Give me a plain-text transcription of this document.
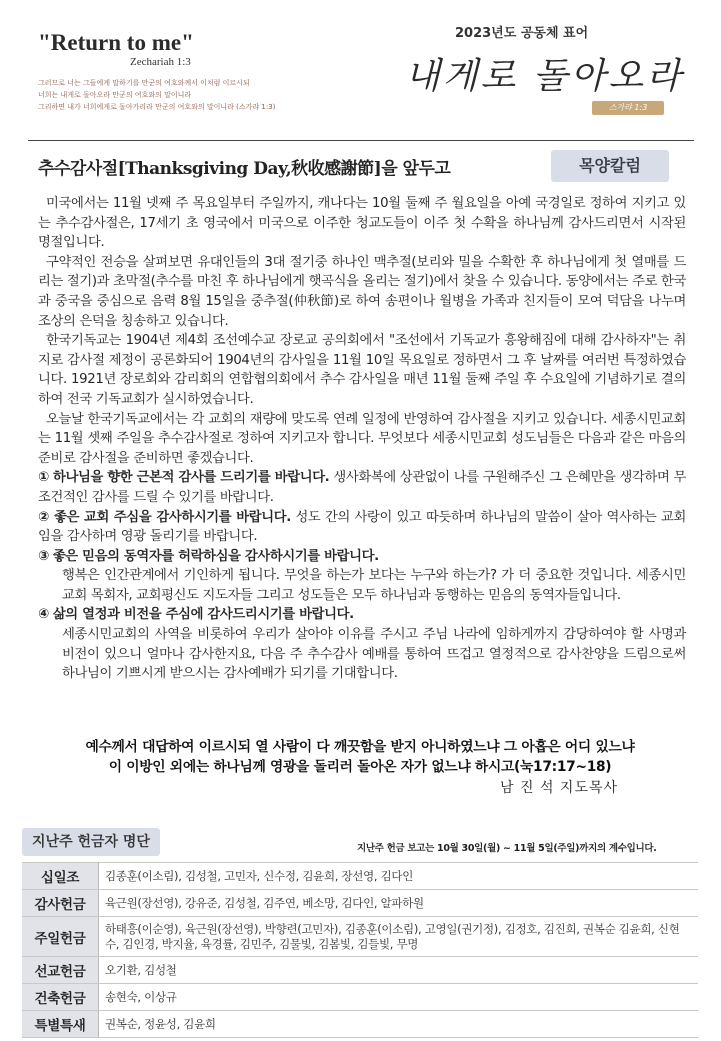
"Return to me"
Zechariah 1:3
그러므로 너는 그들에게 말하기를 만군의 여호와께서 이처럼 이르시되
너희는 내게로 돌아오라 만군의 여호와의 말이니라
그리하면 내가 너희에게로 돌아가리라 만군의 여호와의 말이니라 (스가랴 1:3)
2023년도 공동체 표어
내게로 돌아오라
스가랴 1:3
추수감사절[Thanksgiving Day,秋收感謝節]을 앞두고	목양칼럼

미국에서는 11월 넷째 주 목요일부터 주일까지, 캐나다는 10월 둘째 주 월요일을 아예 국경일로 정하여 지키고 있는 추수감사절은, 17세기 초 영국에서 미국으로 이주한 청교도들이 이주 첫 수확을 하나님께 감사드리면서 시작된 명절입니다.

구약적인 전승을 살펴보면 유대인들의 3대 절기중 하나인 맥추절(보리와 밀을 수확한 후 하나님에게 첫 열매를 드리는 절기)과 초막절(추수를 마친 후 하나님에게 햇곡식을 올리는 절기)에서 찾을 수 있습니다. 동양에서는 주로 한국과 중국을 중심으로 음력 8월 15일을 중추절(仲秋節)로 하여 송편이나 월병을 가족과 친지들이 모여 덕담을 나누며 조상의 은덕을 칭송하고 있습니다.

한국기독교는 1904년 제4회 조선예수교 장로교 공의회에서 "조선에서 기독교가 흥왕해짐에 대해 감사하자"는 취지로 감사절 제정이 공론화되어 1904년의 감사일을 11월 10일 목요일로 정하면서 그 후 날짜를 여러번 특정하였습니다. 1921년 장로회와 감리회의 연합협의회에서 추수 감사일을 매년 11월 둘째 주일 후 수요일에 기념하기로 결의하여 전국 기독교회가 실시하였습니다.

오늘날 한국기독교에서는 각 교회의 재량에 맞도록 연례 일정에 반영하여 감사절을 지키고 있습니다. 세종시민교회는 11월 셋째 주일을 추수감사절로 정하여 지키고자 합니다. 무엇보다 세종시민교회 성도님들은 다음과 같은 마음의 준비로 감사절을 준비하면 좋겠습니다.

① 하나님을 향한 근본적 감사를 드리기를 바랍니다. 생사화복에 상관없이 나를 구원해주신 그 은혜만을 생각하며 무조건적인 감사를 드릴 수 있기를 바랍니다.

② 좋은 교회 주심을 감사하시기를 바랍니다. 성도 간의 사랑이 있고 따듯하며 하나님의 말씀이 살아 역사하는 교회임을 감사하며 영광 돌리기를 바랍니다.

③ 좋은 믿음의 동역자를 허락하심을 감사하시기를 바랍니다.

행복은 인간관계에서 기인하게 됩니다. 무엇을 하는가 보다는 누구와 하는가? 가 더 중요한 것입니다. 세종시민교회 목회자, 교회평신도 지도자들 그리고 성도들은 모두 하나님과 동행하는 믿음의 동역자들입니다.

④ 삶의 열정과 비전을 주심에 감사드리시기를 바랍니다.

세종시민교회의 사역을 비롯하여 우리가 살아야 이유를 주시고 주님 나라에 임하게까지 감당하여야 할 사명과 비전이 있으니 얼마나 감사한지요, 다음 주 추수감사 예배를 통하여 뜨겁고 열정적으로 감사찬양을 드림으로써 하나님이 기쁘시게 받으시는 감사예배가 되기를 기대합니다.

예수께서 대답하여 이르시되 열 사람이 다 깨끗함을 받지 아니하였느냐 그 아홉은 어디 있느냐
이 이방인 외에는 하나님께 영광을 돌리러 돌아온 자가 없느냐 하시고(눅17:17~18)
남 진 석 지도목사
지난주 헌금자 명단	지난주 헌금 보고는 10월 30일(월) ~ 11월 5일(주일)까지의 계수입니다.
십일조	김종훈(이소림), 김성철, 고민자, 신수정, 김윤희, 장선영, 김다인
감사헌금	육근원(장선영), 강유준, 김성철, 김주연, 베소망, 김다인, 알파하원
주일헌금	하태흥(이순영), 육근원(장선영), 박향련(고민자), 김종훈(이소림), 고영일(권기정), 김정호, 김진희, 권복순 김윤희, 신현수, 김인경, 박지율, 육경률, 김민주, 김물빛, 김봄빛, 김들빛, 무명
선교헌금	오기환, 김성철
건축헌금	송현숙, 이상규
특별특새	권복순, 정윤성, 김윤희
